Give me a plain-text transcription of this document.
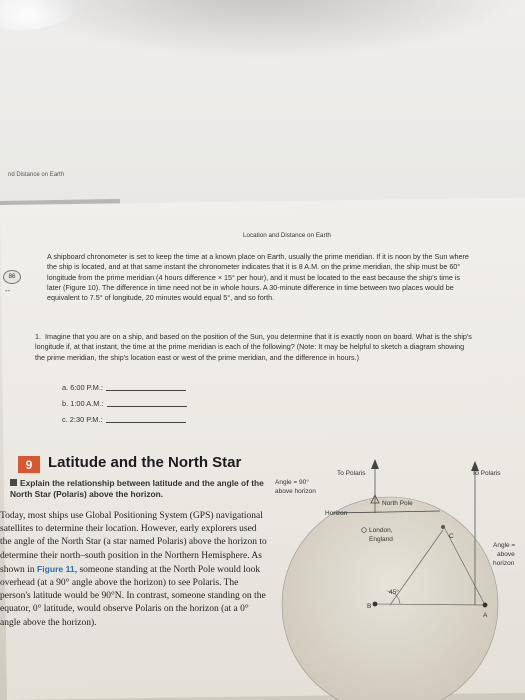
nd Distance on Earth
Location and Distance on Earth
86
--
A shipboard chronometer is set to keep the time at a known place on Earth, usually the prime meridian. If it is noon by the Sun where the ship is located, and at that same instant the chronometer indicates that it is 8 A.M. on the prime meridian, the ship must be 60° longitude from the prime meridian (4 hours difference × 15° per hour), and it must be located to the east because the ship's time is later (Figure 10). The difference in time need not be in whole hours. A 30-minute difference in time between two places would be equivalent to 7.5° of longitude, 20 minutes would equal 5°, and so forth.
1. Imagine that you are on a ship, and based on the position of the Sun, you determine that it is exactly noon on board. What is the ship's longitude if, at that instant, the time at the prime meridian is each of the following? (Note: It may be helpful to sketch a diagram showing the prime meridian, the ship's location east or west of the prime meridian, and the difference in hours.)
a. 6:00 P.M.:
b. 1:00 A.M.:
c. 2:30 P.M.:
9	Latitude and the North Star
Explain the relationship between latitude and the angle of the North Star (Polaris) above the horizon.
Today, most ships use Global Positioning System (GPS) navigational satellites to determine their location. However, early explorers used the angle of the North Star (a star named Polaris) above the horizon to determine their north–south position in the Northern Hemisphere. As shown in Figure 11, someone standing at the North Pole would look overhead (at a 90° angle above the horizon) to see Polaris. The person's latitude would be 90°N. In contrast, someone standing on the equator, 0° latitude, would observe Polaris on the horizon (at a 0° angle above the horizon).
To Polaris	To Polaris
Angle = 90°
above horizon
Horizon
North Pole
London,
England	C
B
A
45°
Angle =
above
horizon
